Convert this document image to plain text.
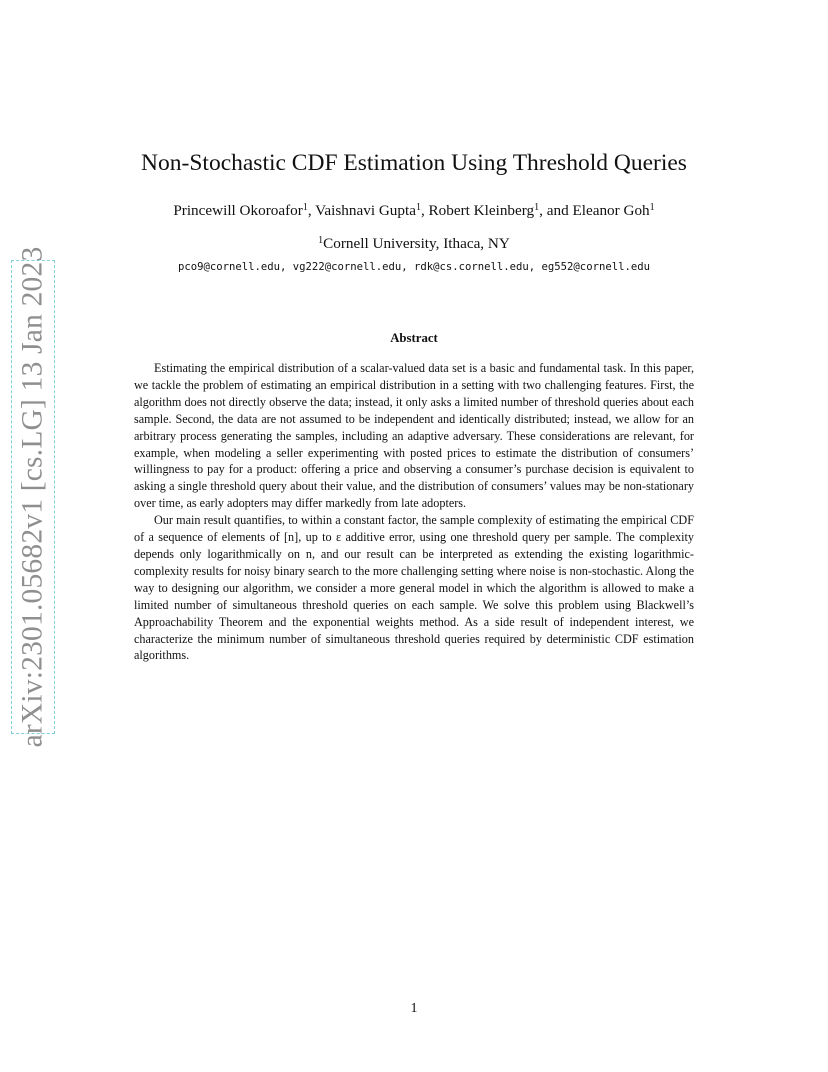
arXiv:2301.05682v1 [cs.LG] 13 Jan 2023
Non-Stochastic CDF Estimation Using Threshold Queries
Princewill Okoroafor$^1$, Vaishnavi Gupta$^1$, Robert Kleinberg$^1$, and Eleanor Goh$^1$
$^1$Cornell University, Ithaca, NY
pco9@cornell.edu, vg222@cornell.edu, rdk@cs.cornell.edu, eg552@cornell.edu
Abstract

Estimating the empirical distribution of a scalar-valued data set is a basic and fundamental task. In this paper, we tackle the problem of estimating an empirical distribution in a setting with two challenging features. First, the algorithm does not directly observe the data; instead, it only asks a limited number of threshold queries about each sample. Second, the data are not assumed to be independent and identically distributed; instead, we allow for an arbitrary process generating the samples, including an adaptive adversary. These considerations are relevant, for example, when modeling a seller experimenting with posted prices to estimate the distribution of consumers’ willingness to pay for a product: offering a price and observing a consumer’s purchase decision is equivalent to asking a single threshold query about their value, and the distribution of consumers’ values may be non-stationary over time, as early adopters may differ markedly from late adopters.

Our main result quantifies, to within a constant factor, the sample complexity of estimating the empirical CDF of a sequence of elements of [n], up to ε additive error, using one threshold query per sample. The complexity depends only logarithmically on n, and our result can be interpreted as extending the existing logarithmic-complexity results for noisy binary search to the more challenging setting where noise is non-stochastic. Along the way to designing our algorithm, we consider a more general model in which the algorithm is allowed to make a limited number of simultaneous threshold queries on each sample. We solve this problem using Blackwell’s Approachability Theorem and the exponential weights method. As a side result of independent interest, we characterize the minimum number of simultaneous threshold queries required by deterministic CDF estimation algorithms.

1
